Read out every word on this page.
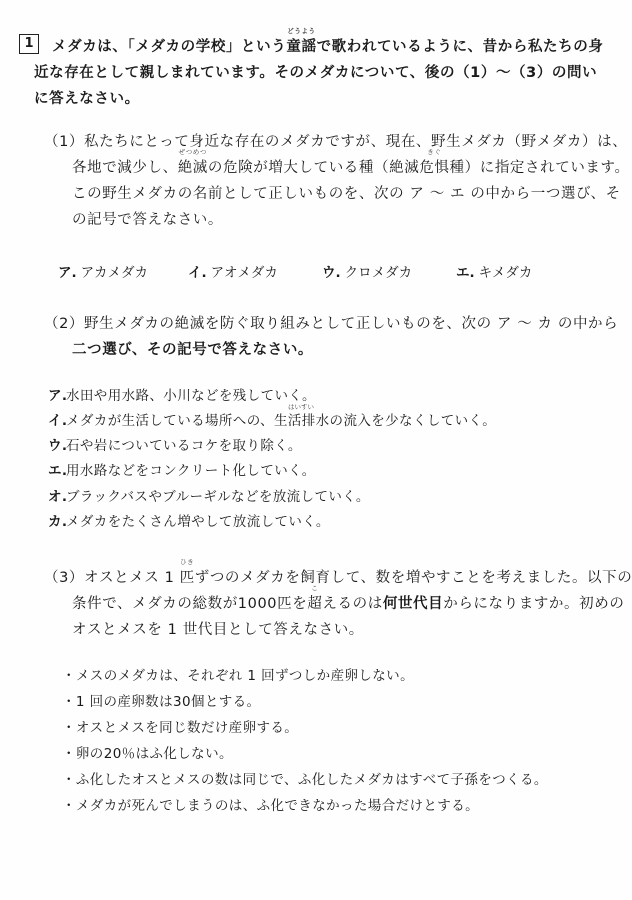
1	メダカは、「メダカの学校」という
どうよう
童謡で歌われているように、昔から私たちの身
近な存在として親しまれています。そのメダカについて、後の（1）～（3）の問い
に答えなさい。
（1）私たちにとって身近な存在のメダカですが、現在、野生メダカ（野メダカ）は、
各地で減少し、
ぜつめつ
絶滅の危険が増大している種（絶滅
きぐ
危惧種）に指定されています。
この野生メダカの名前として正しいものを、次の ア ～ エ の中から一つ選び、そ
の記号で答えなさい。
ア. アカメダカ	イ. アオメダカ	ウ. クロメダカ	エ. キメダカ
（2）野生メダカの絶滅を防ぐ取り組みとして正しいものを、次の ア ～ カ の中から
二つ選び、その記号で答えなさい。
ア.水田や用水路、小川などを残していく。
イ.メダカが生活している場所への、生活排水の流入を少なくしていく。
はいすい
ウ.石や岩についているコケを取り除く。
エ.用水路などをコンクリート化していく。
オ.ブラックバスやブルーギルなどを放流していく。
カ.メダカをたくさん増やして放流していく。
（3）オスとメス 1
ひき
匹ずつのメダカを飼育して、数を増やすことを考えました。以下の
条件で、メダカの総数が1000匹を
こ
超えるのは何世代目からになりますか。初めの
オスとメスを 1 世代目として答えなさい。
・メスのメダカは、それぞれ 1 回ずつしか産卵しない。
・1 回の産卵数は30個とする。
・オスとメスを同じ数だけ産卵する。
・卵の20％はふ化しない。
・ふ化したオスとメスの数は同じで、ふ化したメダカはすべて子孫をつくる。
・メダカが死んでしまうのは、ふ化できなかった場合だけとする。
